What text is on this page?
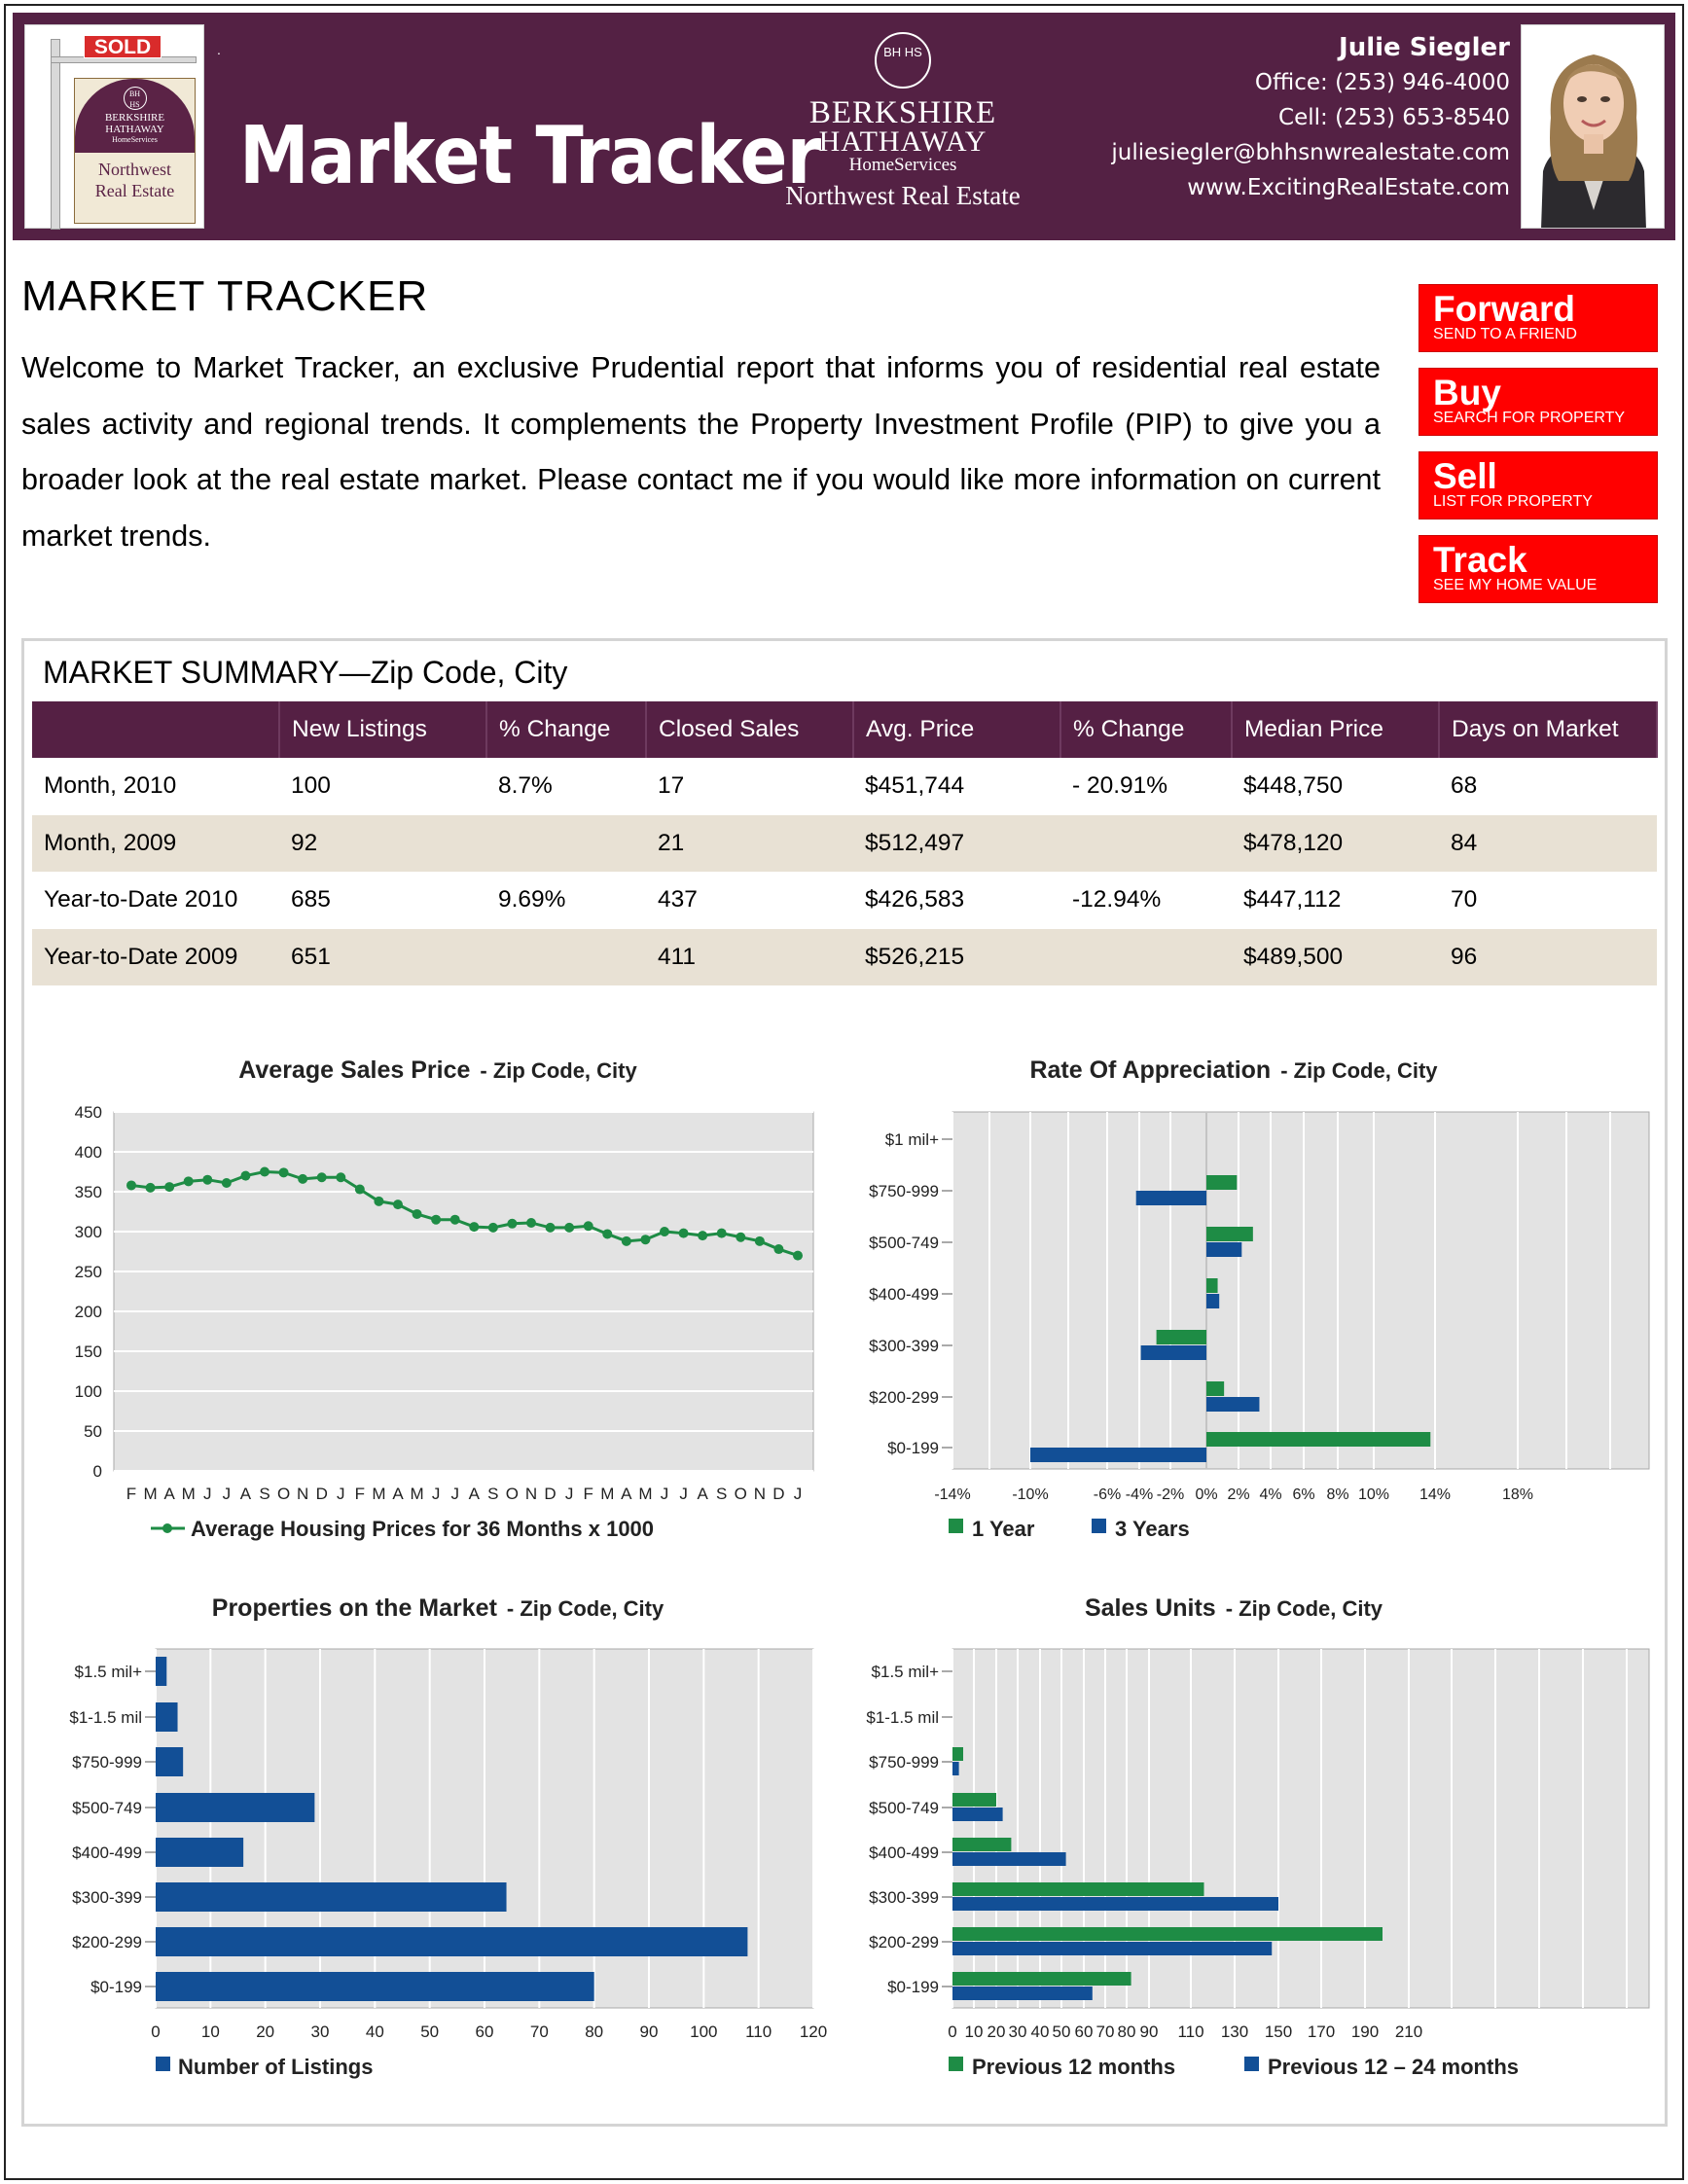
SOLD
BH HS
BERKSHIRE
HATHAWAY
HomeServices
Northwest
Real Estate
.
Market Tracker
BH HS
BERKSHIRE
HATHAWAY
HomeServices
Northwest Real Estate
Julie Siegler
Office: (253) 946-4000
Cell: (253) 653-8540
juliesiegler@bhhsnwrealestate.com
www.ExcitingRealEstate.com
MARKET TRACKER
Welcome to Market Tracker, an exclusive Prudential report that informs you of residential real estate sales activity and regional trends. It complements the Property Investment Profile (PIP) to give you a broader look at the real estate market. Please contact me if you would like more information on current market trends.
Forward
SEND TO A FRIEND
Buy
SEARCH FOR PROPERTY
Sell
LIST FOR PROPERTY
Track
SEE MY HOME VALUE
MARKET SUMMARY—Zip Code, City
	New Listings	% Change	Closed Sales	Avg. Price	% Change	Median Price	Days on Market
Month, 2010	100	8.7%	17	$451,744	- 20.91%	$448,750	68
Month, 2009	92		21	$512,497		$478,120	84
Year-to-Date 2010	685	9.69%	437	$426,583	-12.94%	$447,112	70
Year-to-Date 2009	651		411	$526,215		$489,500	96
Average Sales Price - Zip Code, City
0
50
100
150
200
250
300
350
400
450
F M A M J J A S O N D J F M A M J J A S O N D J F M A M J J A S O N D J
Average Housing Prices for 36 Months x 1000
Rate Of Appreciation - Zip Code, City
-14%	-10%	-6% -4% -2% 0% 2% 4% 6% 8% 10% 14%	18%
$1 mil+
$750-999
$500-749
$400-499
$300-399
$200-299
$0-199
1 Year	3 Years
Properties on the Market - Zip Code, City
0 10 20 30 40 50 60 70 80 90 100 110 120
$1.5 mil+
$1-1.5 mil
$750-999
$500-749
$400-499
$300-399
$200-299
$0-199
Number of Listings
Sales Units - Zip Code, City
0 10 20 30 40 50 60 70 80 90 110 130 150 170 190 210
$1.5 mil+
$1-1.5 mil
$750-999
$500-749
$400-499
$300-399
$200-299
$0-199
Previous 12 months	Previous 12 – 24 months
